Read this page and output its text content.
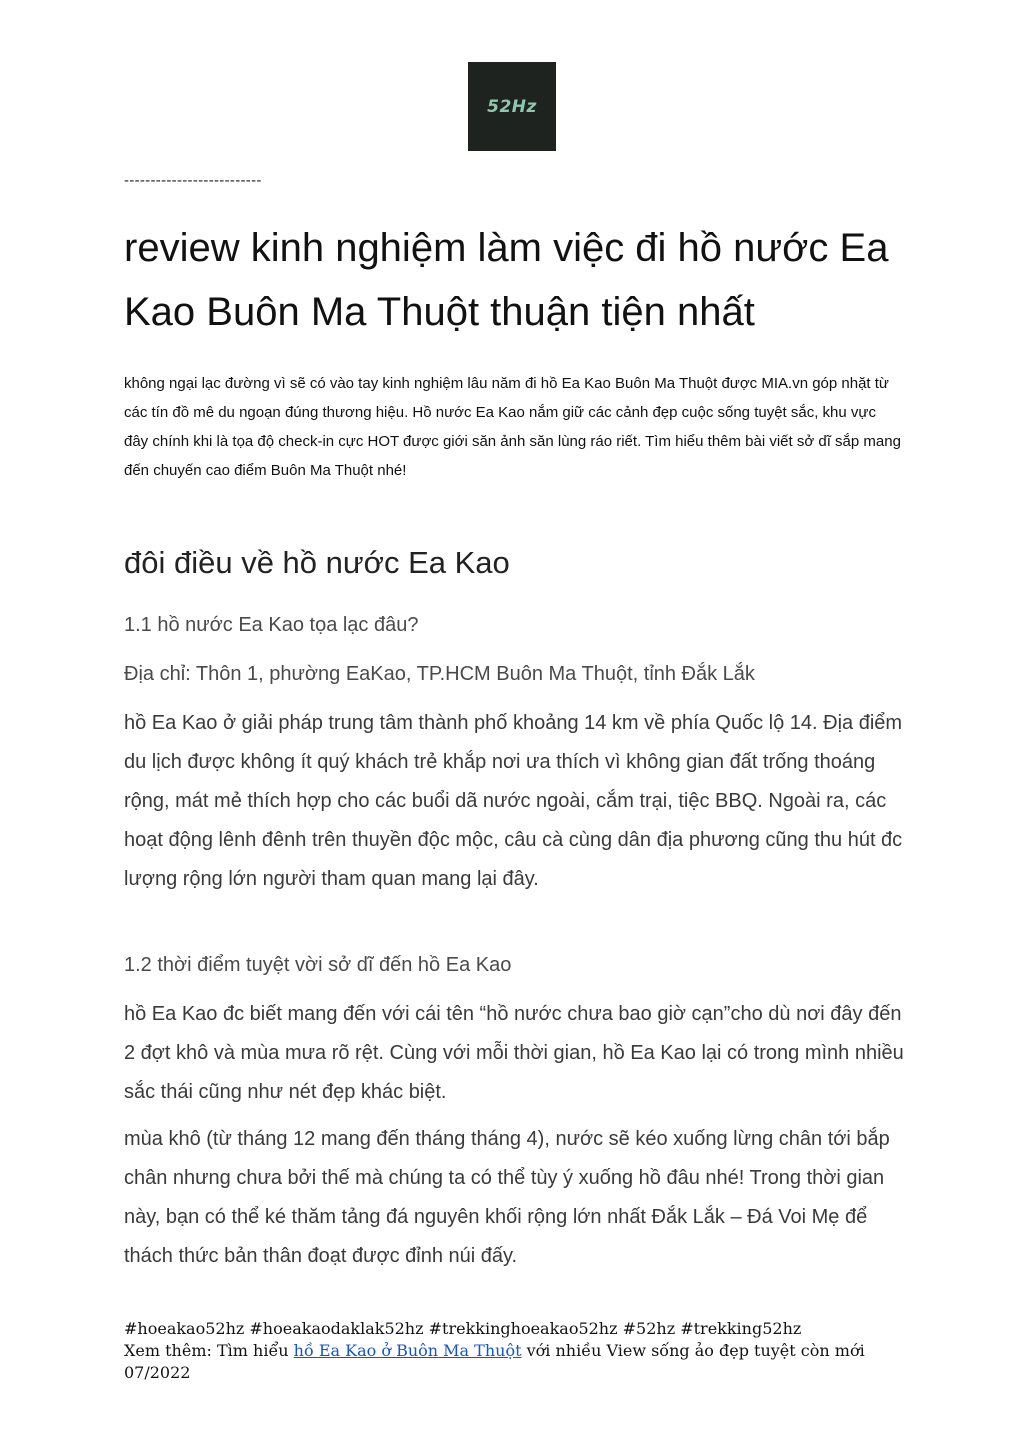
52Hz
--------------------------
review kinh nghiệm làm việc đi hồ nước Ea Kao Buôn Ma Thuột thuận tiện nhất

không ngại lạc đường vì sẽ có vào tay kinh nghiệm lâu năm đi hồ Ea Kao Buôn Ma Thuột được MIA.vn góp nhặt từ các tín đồ mê du ngoạn đúng thương hiệu. Hồ nước Ea Kao nắm giữ các cảnh đẹp cuộc sống tuyệt sắc, khu vực đây chính khi là tọa độ check-in cực HOT được giới săn ảnh săn lùng ráo riết. Tìm hiểu thêm bài viết sở dĩ sắp mang đến chuyến cao điểm Buôn Ma Thuột nhé!

đôi điều về hồ nước Ea Kao

1.1 hồ nước Ea Kao tọa lạc đâu?

Địa chỉ: Thôn 1, phường EaKao, TP.HCM Buôn Ma Thuột, tỉnh Đắk Lắk

hồ Ea Kao ở giải pháp trung tâm thành phố khoảng 14 km về phía Quốc lộ 14. Địa điểm du lịch được không ít quý khách trẻ khắp nơi ưa thích vì không gian đất trống thoáng rộng, mát mẻ thích hợp cho các buổi dã nước ngoài, cắm trại, tiệc BBQ. Ngoài ra, các hoạt động lênh đênh trên thuyền độc mộc, câu cà cùng dân địa phương cũng thu hút đc lượng rộng lớn người tham quan mang lại đây.

1.2 thời điểm tuyệt vời sở dĩ đến hồ Ea Kao

hồ Ea Kao đc biết mang đến với cái tên “hồ nước chưa bao giờ cạn”cho dù nơi đây đến 2 đợt khô và mùa mưa rõ rệt. Cùng với mỗi thời gian, hồ Ea Kao lại có trong mình nhiều sắc thái cũng như nét đẹp khác biệt.

mùa khô (từ tháng 12 mang đến tháng tháng 4), nước sẽ kéo xuống lừng chân tới bắp chân nhưng chưa bởi thế mà chúng ta có thể tùy ý xuống hồ đâu nhé! Trong thời gian này, bạn có thể ké thăm tảng đá nguyên khối rộng lớn nhất Đắk Lắk – Đá Voi Mẹ để thách thức bản thân đoạt được đỉnh núi đấy.

#hoeakao52hz #hoeakaodaklak52hz #trekkinghoeakao52hz #52hz #trekking52hz
Xem thêm: Tìm hiểu hồ Ea Kao ở Buôn Ma Thuột với nhiều View sống ảo đẹp tuyệt còn mới 07/2022
